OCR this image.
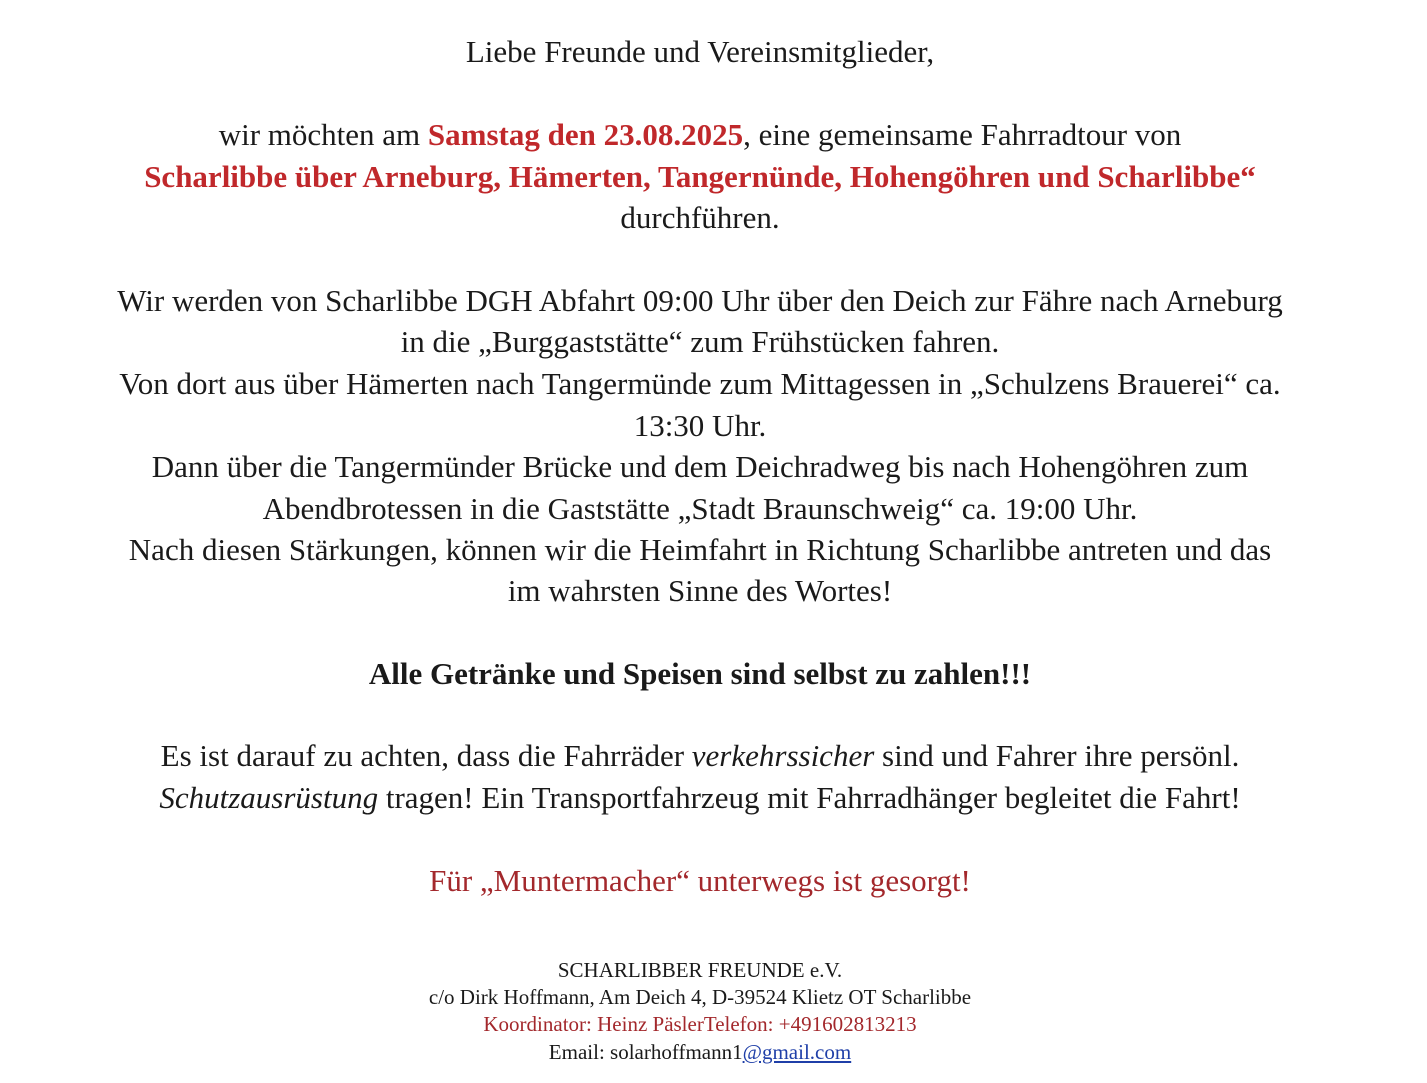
Liebe Freunde und Vereinsmitglieder,
wir möchten am Samstag den 23.08.2025, eine gemeinsame Fahrradtour von
Scharlibbe über Arneburg, Hämerten, Tangernünde, Hohengöhren und Scharlibbe“
durchführen.
Wir werden von Scharlibbe DGH Abfahrt 09:00 Uhr über den Deich zur Fähre nach Arneburg
in die „Burggaststätte“ zum Frühstücken fahren.
Von dort aus über Hämerten nach Tangermünde zum Mittagessen in „Schulzens Brauerei“ ca.
13:30 Uhr.
Dann über die Tangermünder Brücke und dem Deichradweg bis nach Hohengöhren zum
Abendbrotessen in die Gaststätte „Stadt Braunschweig“ ca. 19:00 Uhr.
Nach diesen Stärkungen, können wir die Heimfahrt in Richtung Scharlibbe antreten und das
im wahrsten Sinne des Wortes!
Alle Getränke und Speisen sind selbst zu zahlen!!!
Es ist darauf zu achten, dass die Fahrräder verkehrssicher sind und Fahrer ihre persönl.
Schutzausrüstung tragen! Ein Transportfahrzeug mit Fahrradhänger begleitet die Fahrt!
Für „Muntermacher“ unterwegs ist gesorgt!
SCHARLIBBER FREUNDE e.V.
c/o Dirk Hoffmann, Am Deich 4, D-39524 Klietz OT Scharlibbe
Koordinator: Heinz PäslerTelefon: +491602813213
Email: solarhoffmann1@gmail.com
